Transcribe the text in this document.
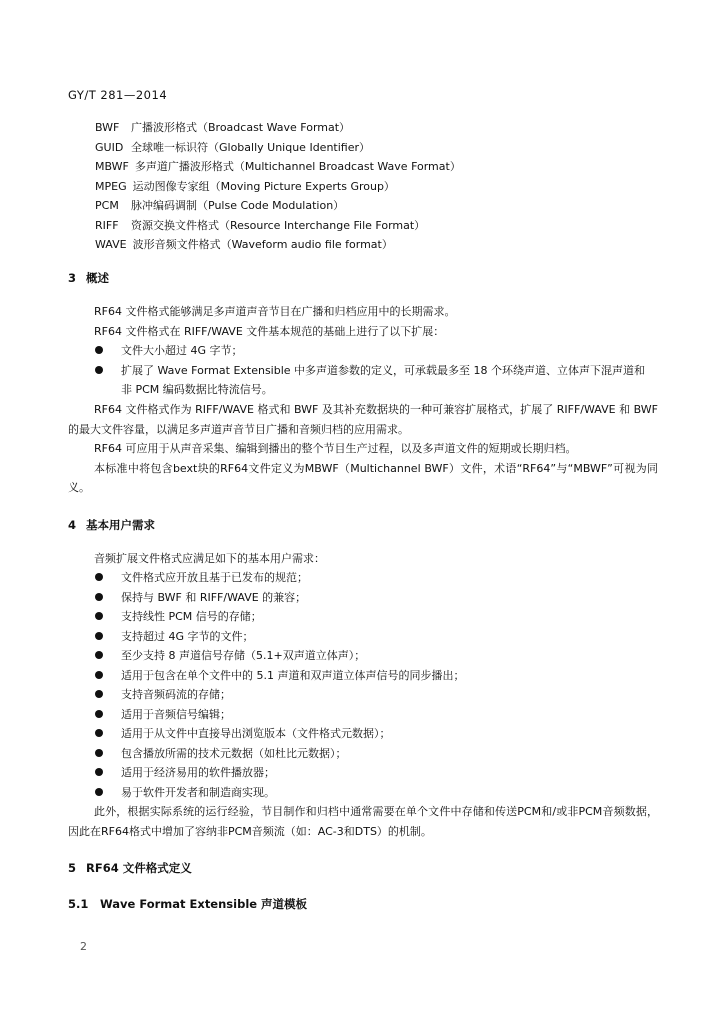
GY/T 281—2014
BWF 广播波形格式（Broadcast Wave Format）
GUID 全球唯一标识符（Globally Unique Identifier）
MBWF 多声道广播波形格式（Multichannel Broadcast Wave Format）
MPEG 运动图像专家组（Moving Picture Experts Group）
PCM 脉冲编码调制（Pulse Code Modulation）
RIFF 资源交换文件格式（Resource Interchange File Format）
WAVE 波形音频文件格式（Waveform audio file format）
3 概述
RF64 文件格式能够满足多声道声音节目在广播和归档应用中的长期需求。
RF64 文件格式在 RIFF/WAVE 文件基本规范的基础上进行了以下扩展：
文件大小超过 4G 字节；
扩展了 Wave Format Extensible 中多声道参数的定义，可承载最多至 18 个环绕声道、立体声下混声道和非 PCM 编码数据比特流信号。
RF64 文件格式作为 RIFF/WAVE 格式和 BWF 及其补充数据块的一种可兼容扩展格式，扩展了 RIFF/WAVE 和 BWF 的最大文件容量，以满足多声道声音节目广播和音频归档的应用需求。
RF64 可应用于从声音采集、编辑到播出的整个节目生产过程，以及多声道文件的短期或长期归档。
本标准中将包含bext块的RF64文件定义为MBWF（Multichannel BWF）文件，术语“RF64”与“MBWF”可视为同义。
4 基本用户需求
音频扩展文件格式应满足如下的基本用户需求：
文件格式应开放且基于已发布的规范；
保持与 BWF 和 RIFF/WAVE 的兼容；
支持线性 PCM 信号的存储；
支持超过 4G 字节的文件；
至少支持 8 声道信号存储（5.1+双声道立体声）；
适用于包含在单个文件中的 5.1 声道和双声道立体声信号的同步播出；
支持音频码流的存储；
适用于音频信号编辑；
适用于从文件中直接导出浏览版本（文件格式元数据）；
包含播放所需的技术元数据（如杜比元数据）；
适用于经济易用的软件播放器；
易于软件开发者和制造商实现。
此外，根据实际系统的运行经验，节目制作和归档中通常需要在单个文件中存储和传送PCM和/或非PCM音频数据，因此在RF64格式中增加了容纳非PCM音频流（如：AC-3和DTS）的机制。
5 RF64 文件格式定义
5.1 Wave Format Extensible 声道模板
2
